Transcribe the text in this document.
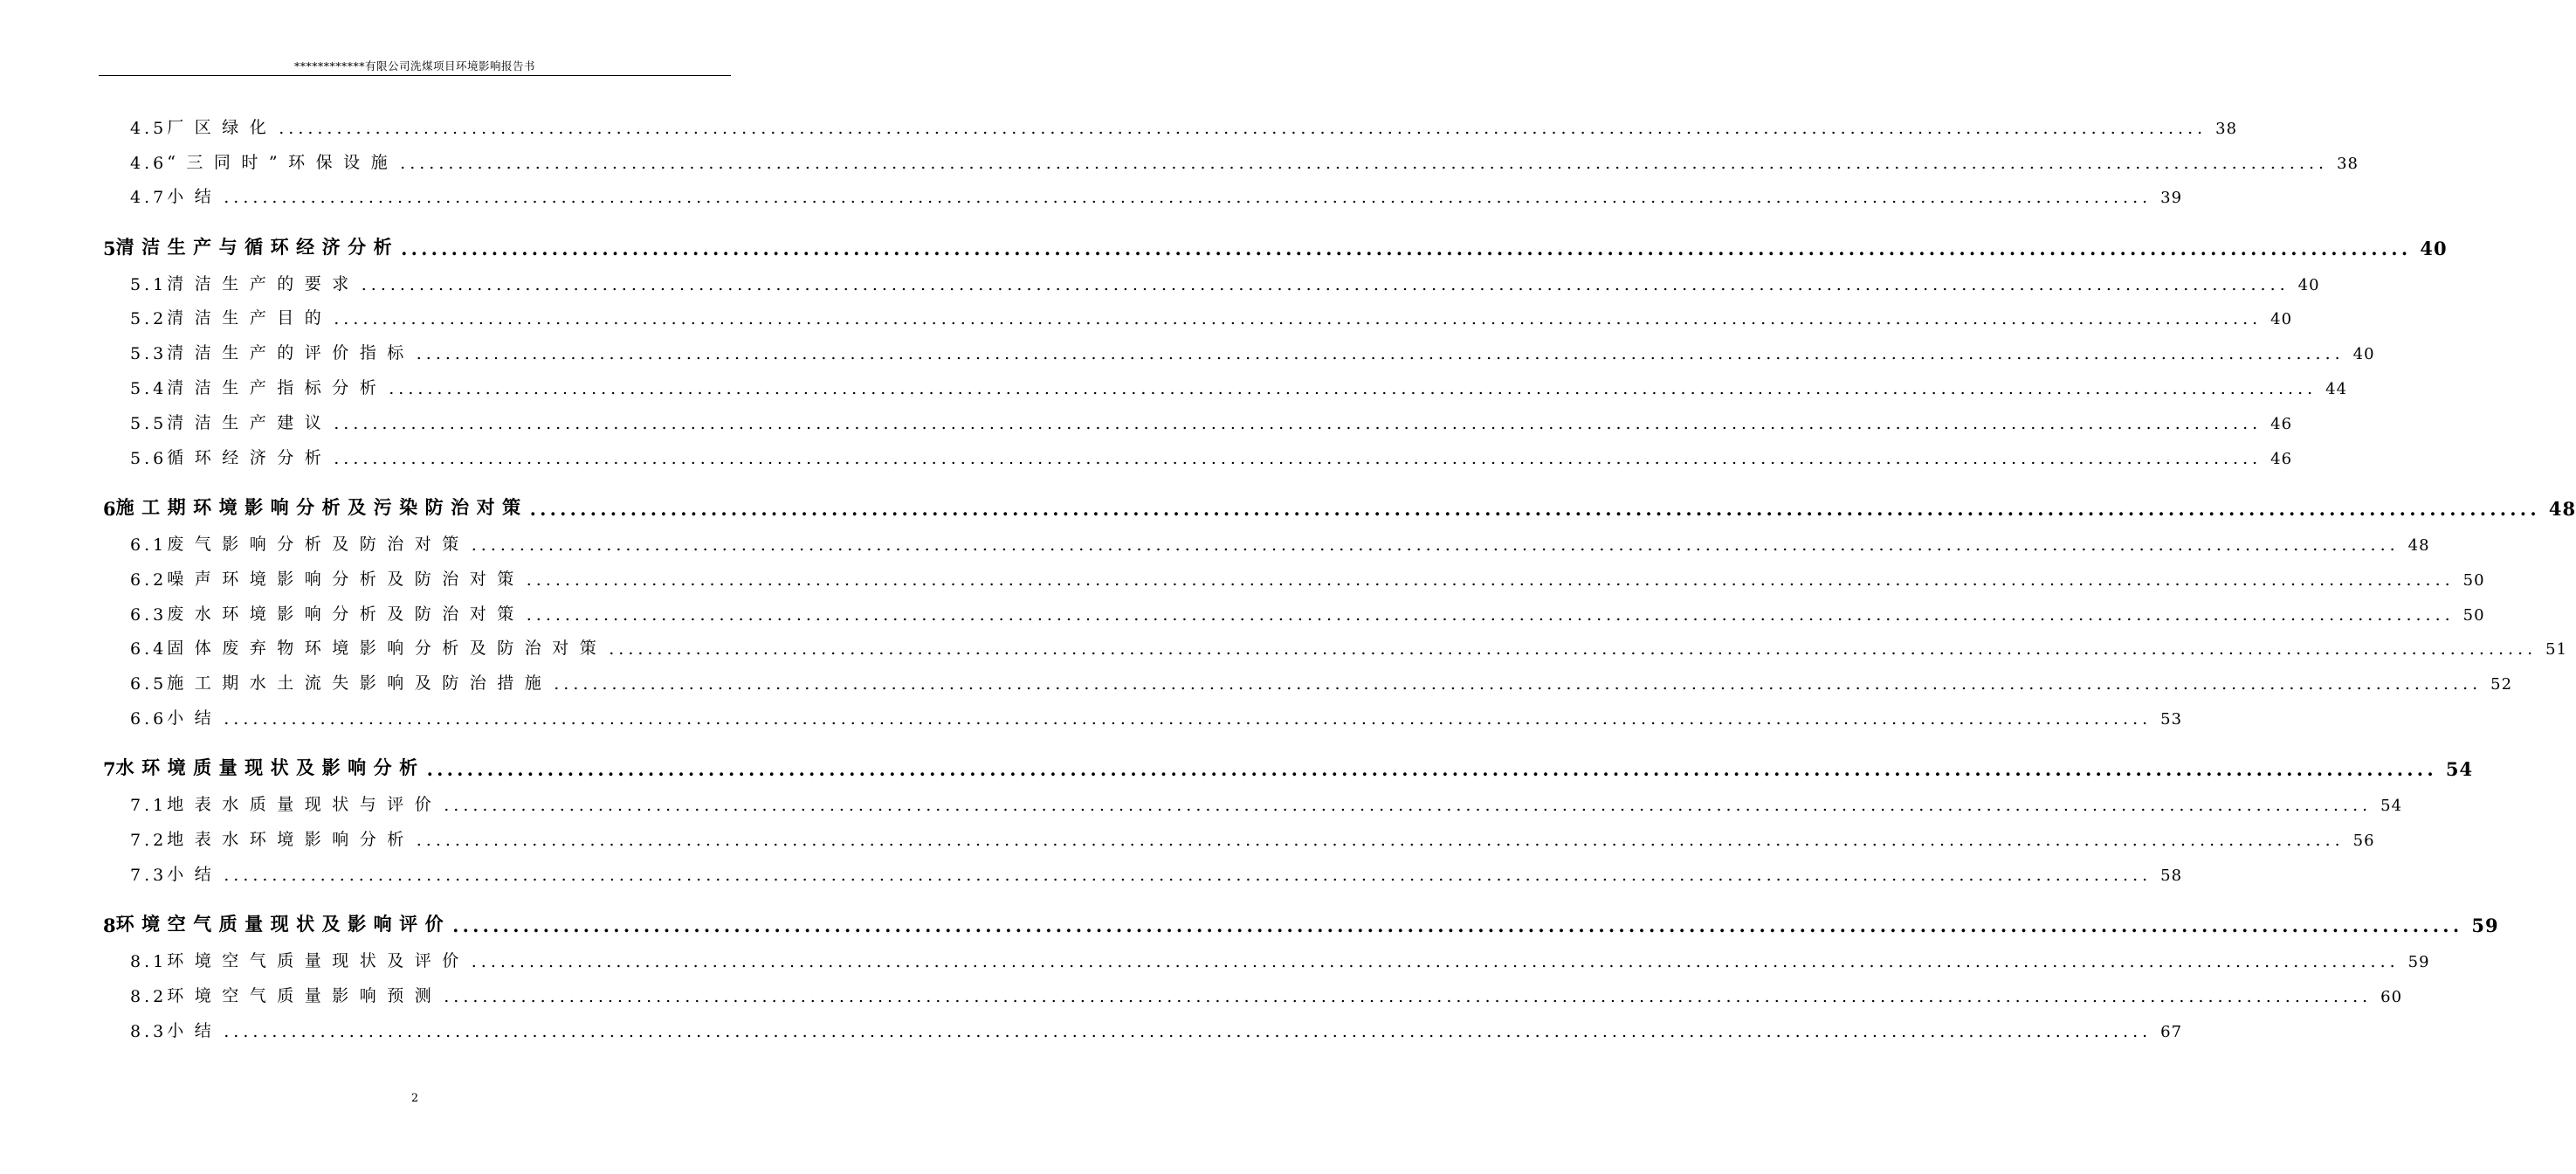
************有限公司洗煤项目环境影响报告书
4.5 厂区绿化 ........................................................................................................................................................................................................ 38
4.6 “三同时”环保设施 ........................................................................................................................................................................................................ 38
4.7 小结 ........................................................................................................................................................................................................ 39
5 清洁生产与循环经济分析 ........................................................................................................................................................................................................ 40
5.1 清洁生产的要求 ........................................................................................................................................................................................................ 40
5.2 清洁生产目的 ........................................................................................................................................................................................................ 40
5.3 清洁生产的评价指标 ........................................................................................................................................................................................................ 40
5.4 清洁生产指标分析 ........................................................................................................................................................................................................ 44
5.5 清洁生产建议 ........................................................................................................................................................................................................ 46
5.6 循环经济分析 ........................................................................................................................................................................................................ 46
6 施工期环境影响分析及污染防治对策 ........................................................................................................................................................................................................ 48
6.1 废气影响分析及防治对策 ........................................................................................................................................................................................................ 48
6.2 噪声环境影响分析及防治对策 ........................................................................................................................................................................................................ 50
6.3 废水环境影响分析及防治对策 ........................................................................................................................................................................................................ 50
6.4 固体废弃物环境影响分析及防治对策 ........................................................................................................................................................................................................ 51
6.5 施工期水土流失影响及防治措施 ........................................................................................................................................................................................................ 52
6.6 小结 ........................................................................................................................................................................................................ 53
7 水环境质量现状及影响分析 ........................................................................................................................................................................................................ 54
7.1 地表水质量现状与评价 ........................................................................................................................................................................................................ 54
7.2 地表水环境影响分析 ........................................................................................................................................................................................................ 56
7.3 小结 ........................................................................................................................................................................................................ 58
8 环境空气质量现状及影响评价 ........................................................................................................................................................................................................ 59
8.1 环境空气质量现状及评价 ........................................................................................................................................................................................................ 59
8.2 环境空气质量影响预测 ........................................................................................................................................................................................................ 60
8.3 小结 ........................................................................................................................................................................................................ 67
2
